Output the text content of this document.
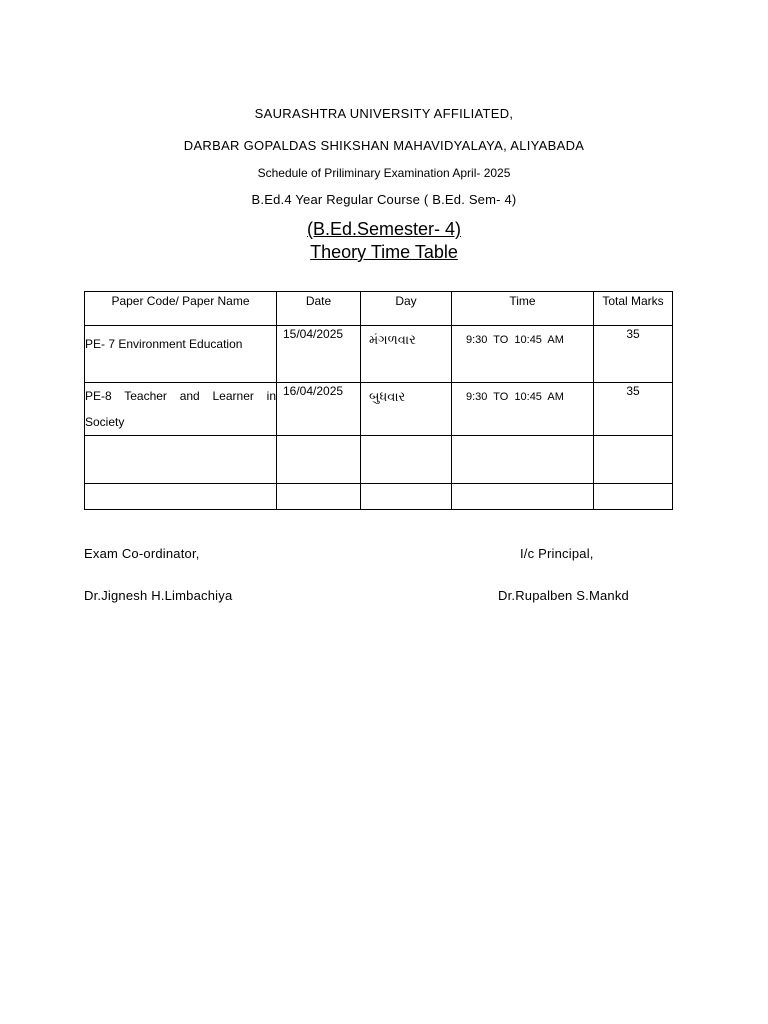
SAURASHTRA UNIVERSITY AFFILIATED,
DARBAR GOPALDAS SHIKSHAN MAHAVIDYALAYA, ALIYABADA
Schedule of Priliminary Examination April- 2025
B.Ed.4 Year Regular Course ( B.Ed. Sem- 4)
(B.Ed.Semester- 4)
Theory Time Table
Paper Code/ Paper Name	Date	Day	Time	Total Marks

PE- 7 Environment Education	15/04/2025	મંગળવાર	9:30 TO 10:45 AM	35

PE-8 Teacher and Learner in Society	16/04/2025	બુધવાર	9:30 TO 10:45 AM	35

Exam Co-ordinator,
Dr.Jignesh H.Limbachiya
I/c Principal,
Dr.Rupalben S.Mankd
